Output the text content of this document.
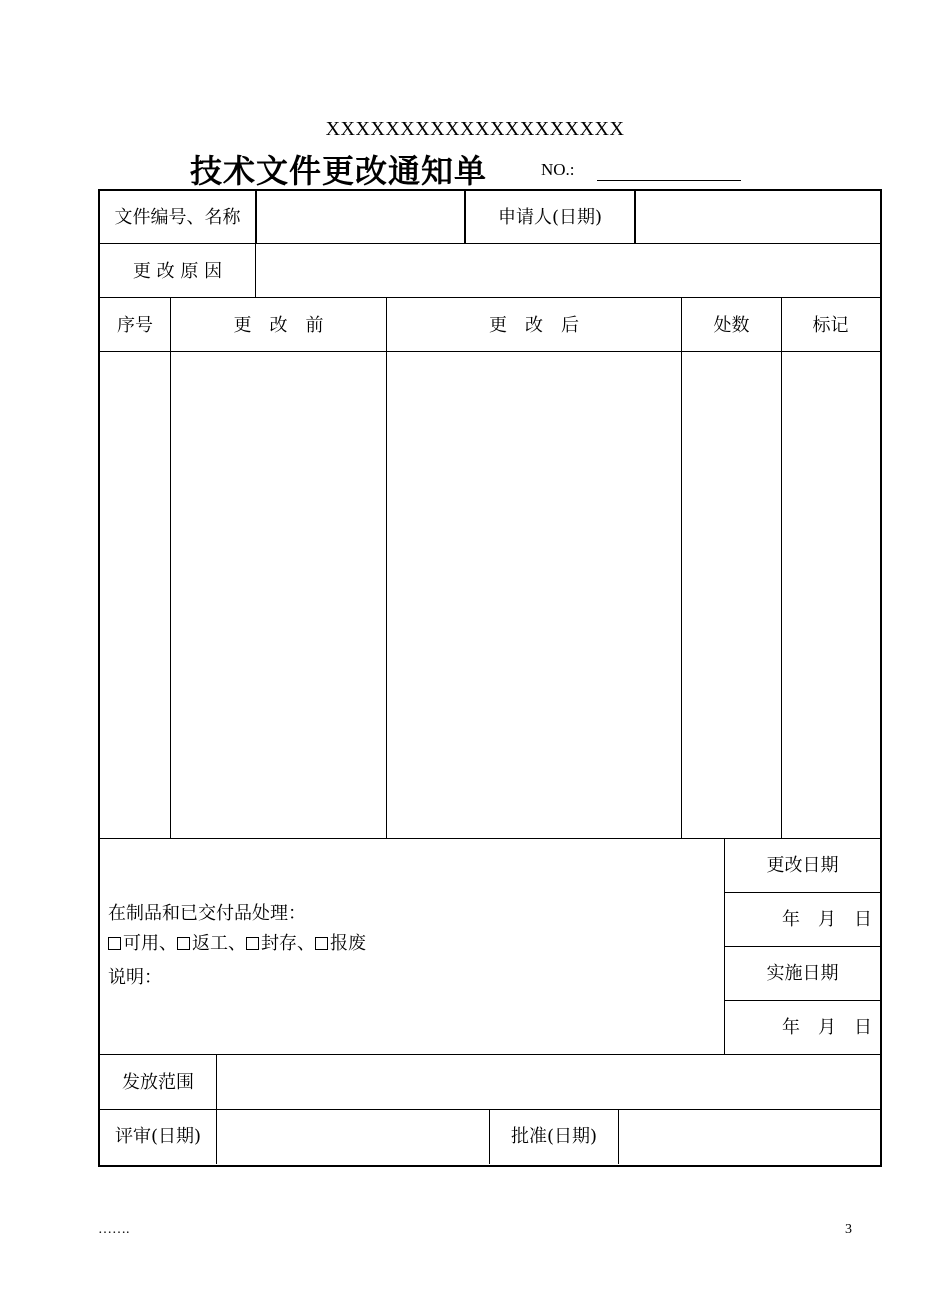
XXXXXXXXXXXXXXXXXXXX
技术文件更改通知单	NO.:
文件编号、名称	申请人(日期)
更 改 原 因
序号	更　改　前	更　改　后	处数	标记
在制品和已交付品处理：
可用、 返工、 封存、 报废
说明：
更改日期
年　月　日
实施日期
年　月　日
发放范围
评审(日期)	批准(日期)
…….	3
